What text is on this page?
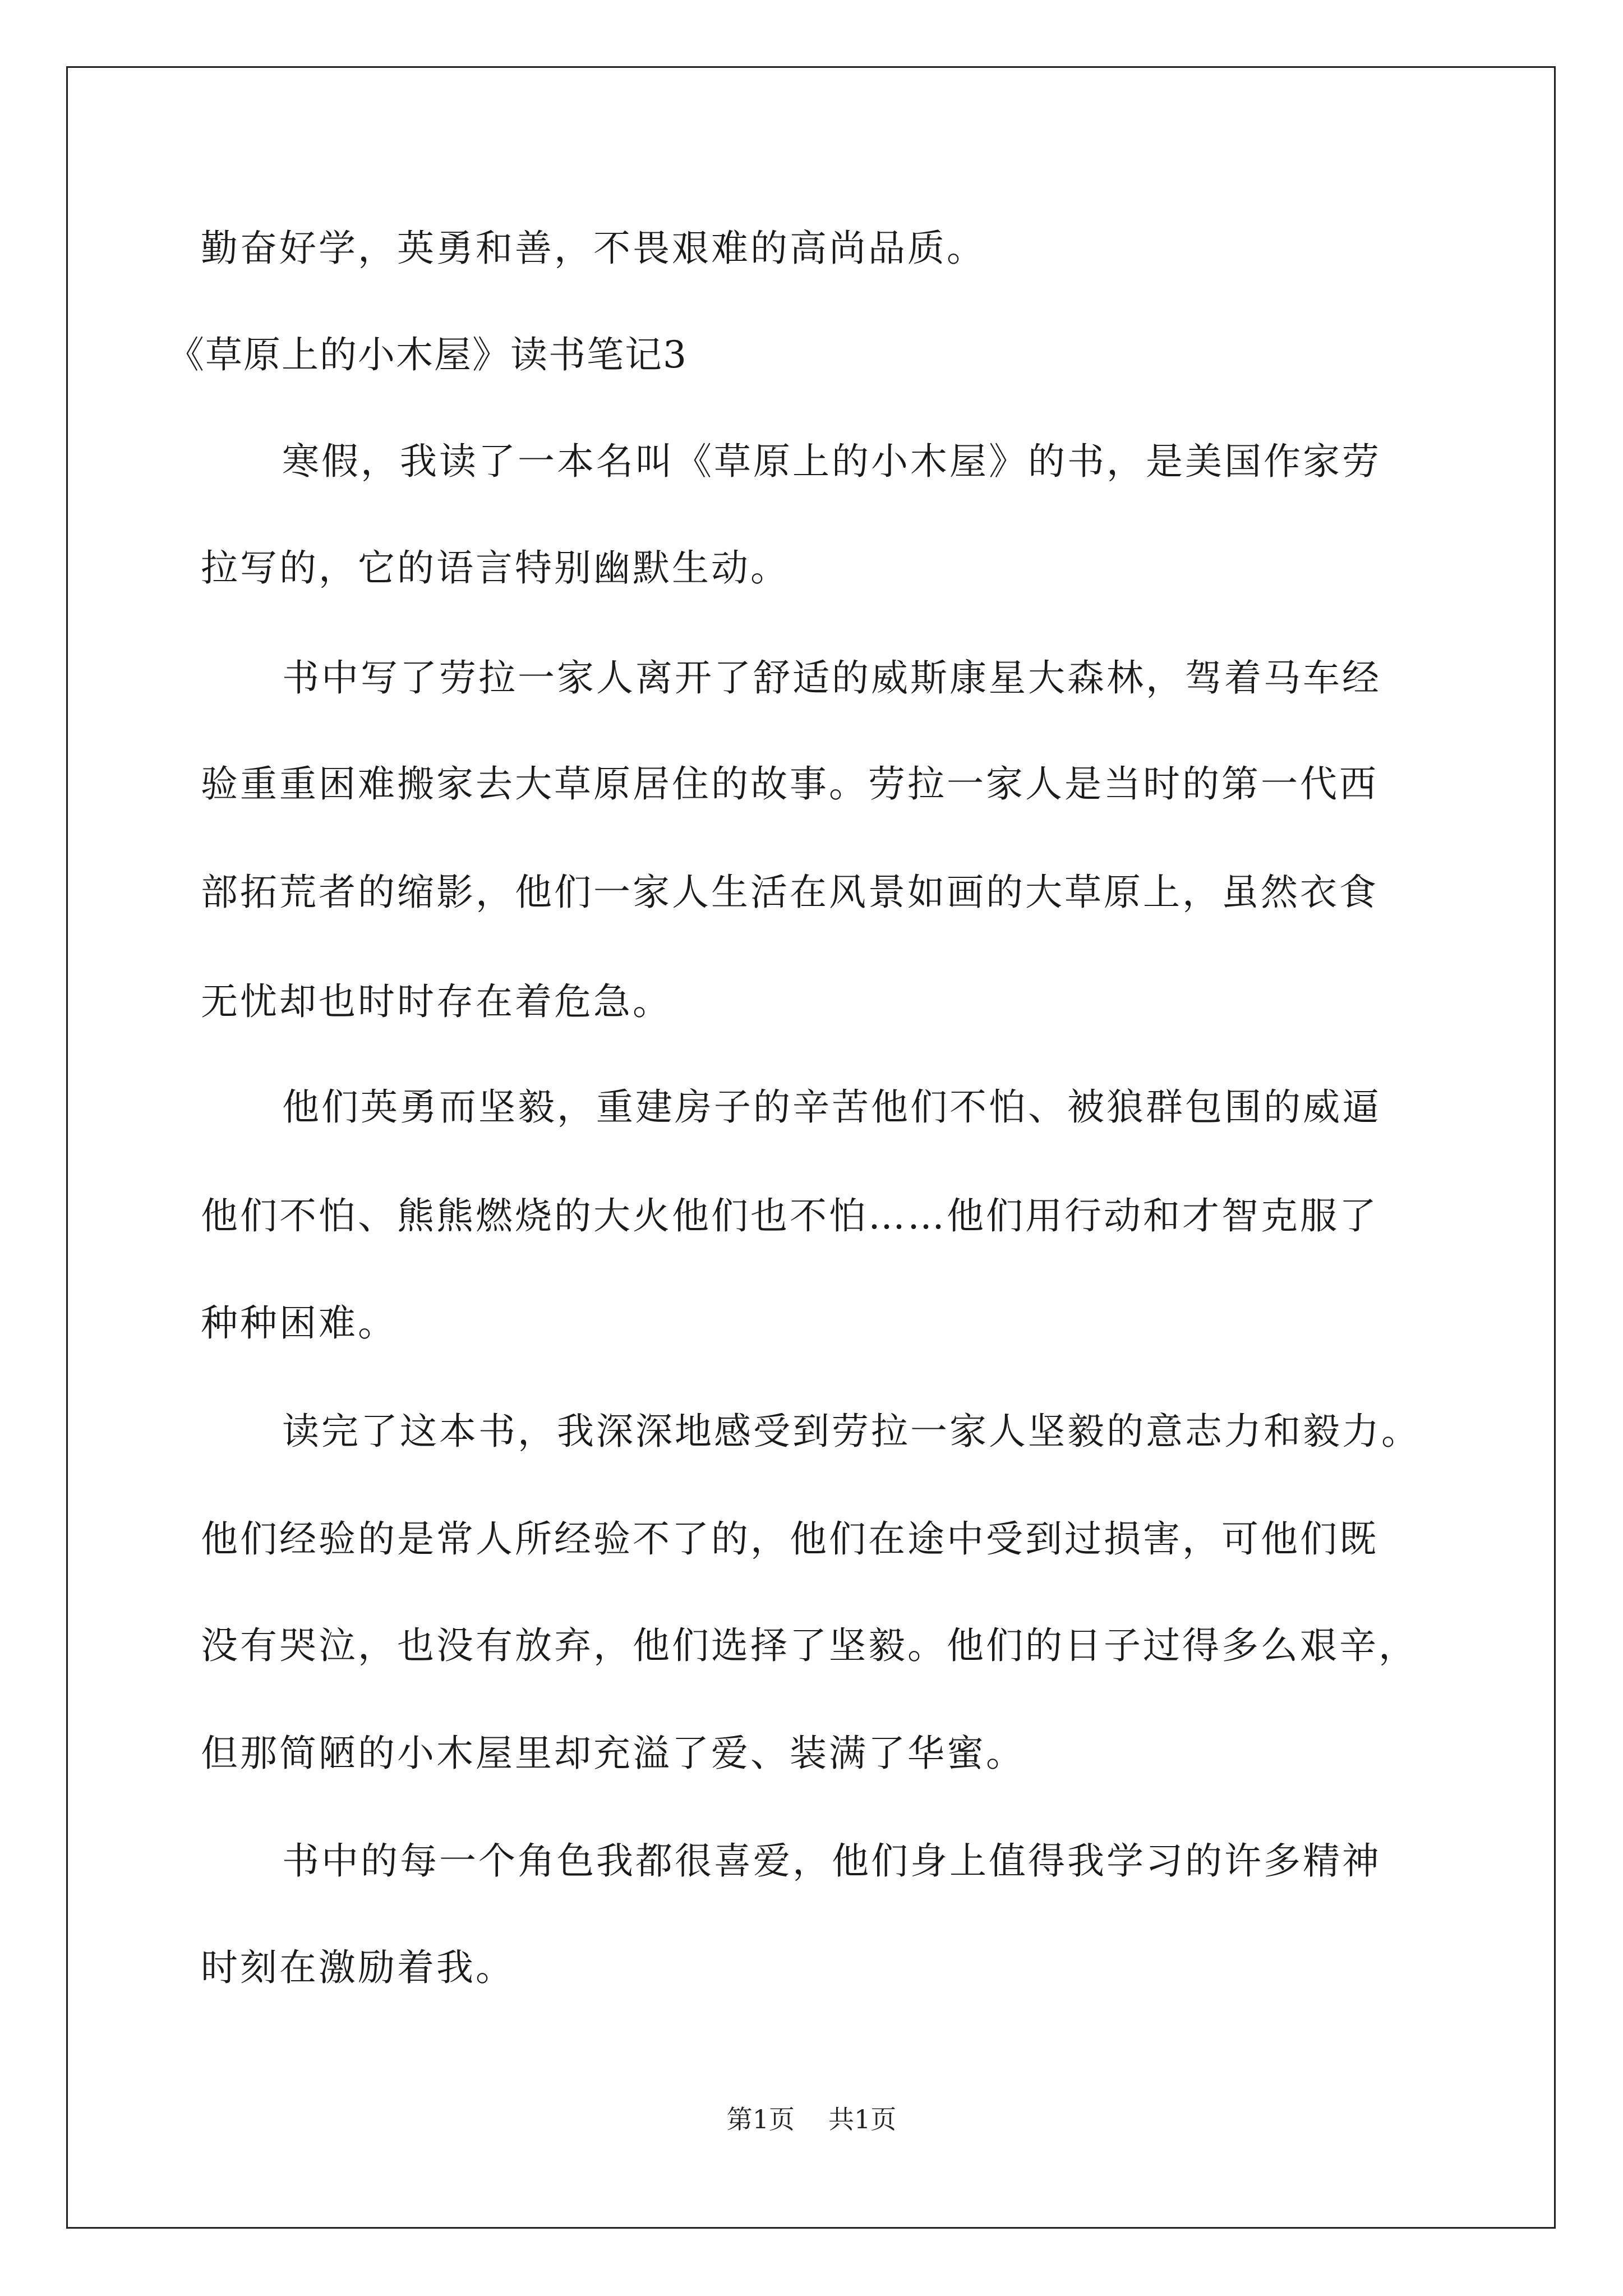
勤奋好学，英勇和善，不畏艰难的高尚品质。
《草原上的小木屋》读书笔记3
寒假，我读了一本名叫《草原上的小木屋》的书，是美国作家劳
拉写的，它的语言特别幽默生动。
书中写了劳拉一家人离开了舒适的威斯康星大森林，驾着马车经
验重重困难搬家去大草原居住的故事。劳拉一家人是当时的第一代西
部拓荒者的缩影，他们一家人生活在风景如画的大草原上，虽然衣食
无忧却也时时存在着危急。
他们英勇而坚毅，重建房子的辛苦他们不怕、被狼群包围的威逼
他们不怕、熊熊燃烧的大火他们也不怕……他们用行动和才智克服了
种种困难。
读完了这本书，我深深地感受到劳拉一家人坚毅的意志力和毅力。
他们经验的是常人所经验不了的，他们在途中受到过损害，可他们既
没有哭泣，也没有放弃，他们选择了坚毅。他们的日子过得多么艰辛，
但那简陋的小木屋里却充溢了爱、装满了华蜜。
书中的每一个角色我都很喜爱，他们身上值得我学习的许多精神
时刻在激励着我。
第1页 共1页
